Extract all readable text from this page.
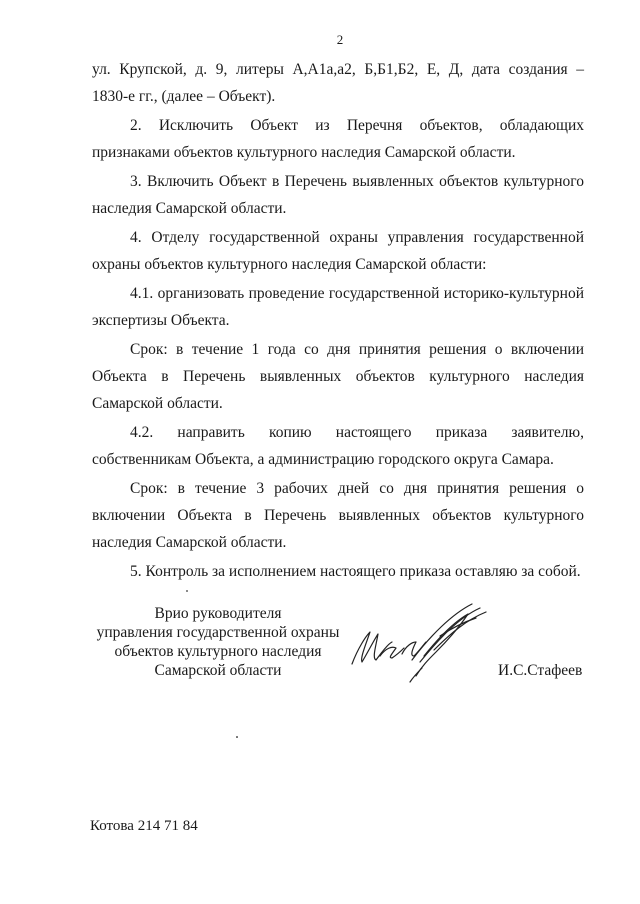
2

ул. Крупской, д. 9, литеры А,А1а,а2, Б,Б1,Б2, Е, Д, дата создания –
1830-е гг., (далее – Объект).

2. Исключить Объект из Перечня объектов, обладающих признаками объектов культурного наследия Самарской области.

3. Включить Объект в Перечень выявленных объектов культурного наследия Самарской области.

4. Отделу государственной охраны управления государственной охраны объектов культурного наследия Самарской области:

4.1. организовать проведение государственной историко-культурной экспертизы Объекта.

Срок: в течение 1 года со дня принятия решения о включении Объекта в Перечень выявленных объектов культурного наследия Самарской области.

4.2. направить копию настоящего приказа заявителю, собственникам Объекта, а администрацию городского округа Самара.

Срок: в течение 3 рабочих дней со дня принятия решения о включении Объекта в Перечень выявленных объектов культурного наследия Самарской области.

5. Контроль за исполнением настоящего приказа оставляю за собой.

Врио руководителя
управления государственной охраны
объектов культурного наследия
Самарской области	И.С.Стафеев
Котова 214 71 84
